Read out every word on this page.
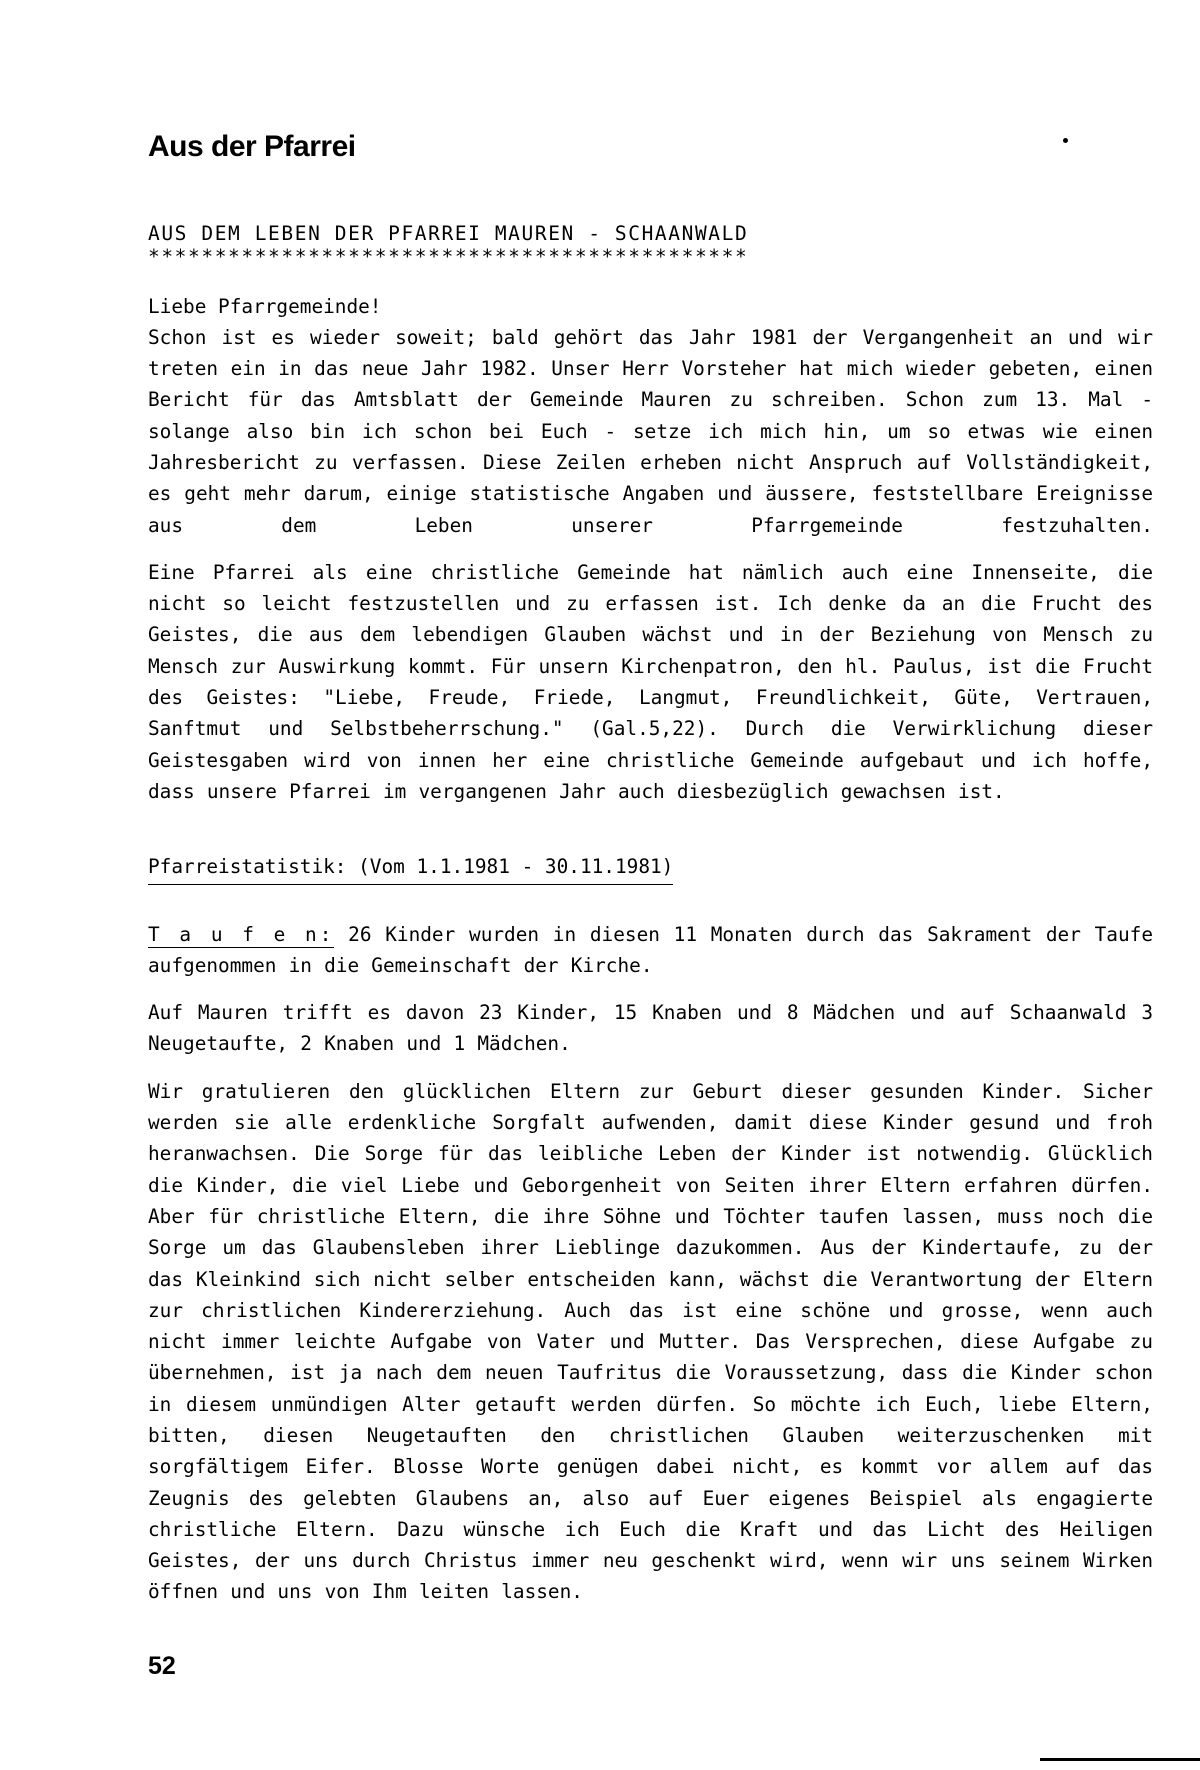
Aus der Pfarrei
AUS DEM LEBEN DER PFARREI MAUREN - SCHAANWALD
*********************************************
Liebe Pfarrgemeinde!

Schon ist es wieder soweit; bald gehört das Jahr 1981 der Vergangenheit an und wir treten ein in das neue Jahr 1982. Unser Herr Vorsteher hat mich wieder gebeten, einen Bericht für das Amtsblatt der Gemeinde Mauren zu schreiben. Schon zum 13. Mal - solange also bin ich schon bei Euch - setze ich mich hin, um so etwas wie einen Jahresbericht zu verfassen. Diese Zeilen erheben nicht Anspruch auf Vollständigkeit, es geht mehr darum, einige statistische Angaben und äussere, feststellbare Ereignisse aus dem Leben unserer Pfarrgemeinde festzuhalten.

Eine Pfarrei als eine christliche Gemeinde hat nämlich auch eine Innenseite, die nicht so leicht festzustellen und zu erfassen ist. Ich denke da an die Frucht des Geistes, die aus dem lebendigen Glauben wächst und in der Beziehung von Mensch zu Mensch zur Auswirkung kommt. Für unsern Kirchenpatron, den hl. Paulus, ist die Frucht des Geistes: "Liebe, Freude, Friede, Langmut, Freundlichkeit, Güte, Vertrauen, Sanftmut und Selbstbeherrschung." (Gal.5,22). Durch die Verwirklichung dieser Geistesgaben wird von innen her eine christliche Gemeinde aufgebaut und ich hoffe, dass unsere Pfarrei im vergangenen Jahr auch diesbezüglich gewachsen ist.

Pfarreistatistik: (Vom 1.1.1981 - 30.11.1981)

T a u f e n: 26 Kinder wurden in diesen 11 Monaten durch das Sakrament der Taufe aufgenommen in die Gemeinschaft der Kirche.

Auf Mauren trifft es davon 23 Kinder, 15 Knaben und 8 Mädchen und auf Schaanwald 3 Neugetaufte, 2 Knaben und 1 Mädchen.

Wir gratulieren den glücklichen Eltern zur Geburt dieser gesunden Kinder. Sicher werden sie alle erdenkliche Sorgfalt aufwenden, damit diese Kinder gesund und froh heranwachsen. Die Sorge für das leibliche Leben der Kinder ist notwendig. Glücklich die Kinder, die viel Liebe und Geborgenheit von Seiten ihrer Eltern erfahren dürfen. Aber für christliche Eltern, die ihre Söhne und Töchter taufen lassen, muss noch die Sorge um das Glaubensleben ihrer Lieblinge dazukommen. Aus der Kindertaufe, zu der das Kleinkind sich nicht selber entscheiden kann, wächst die Verantwortung der Eltern zur christlichen Kindererziehung. Auch das ist eine schöne und grosse, wenn auch nicht immer leichte Aufgabe von Vater und Mutter. Das Versprechen, diese Aufgabe zu übernehmen, ist ja nach dem neuen Taufritus die Voraussetzung, dass die Kinder schon in diesem unmündigen Alter getauft werden dürfen. So möchte ich Euch, liebe Eltern, bitten, diesen Neugetauften den christlichen Glauben weiterzuschenken mit sorgfältigem Eifer. Blosse Worte genügen dabei nicht, es kommt vor allem auf das Zeugnis des gelebten Glaubens an, also auf Euer eigenes Beispiel als engagierte christliche Eltern. Dazu wünsche ich Euch die Kraft und das Licht des Heiligen Geistes, der uns durch Christus immer neu geschenkt wird, wenn wir uns seinem Wirken öffnen und uns von Ihm leiten lassen.

52
